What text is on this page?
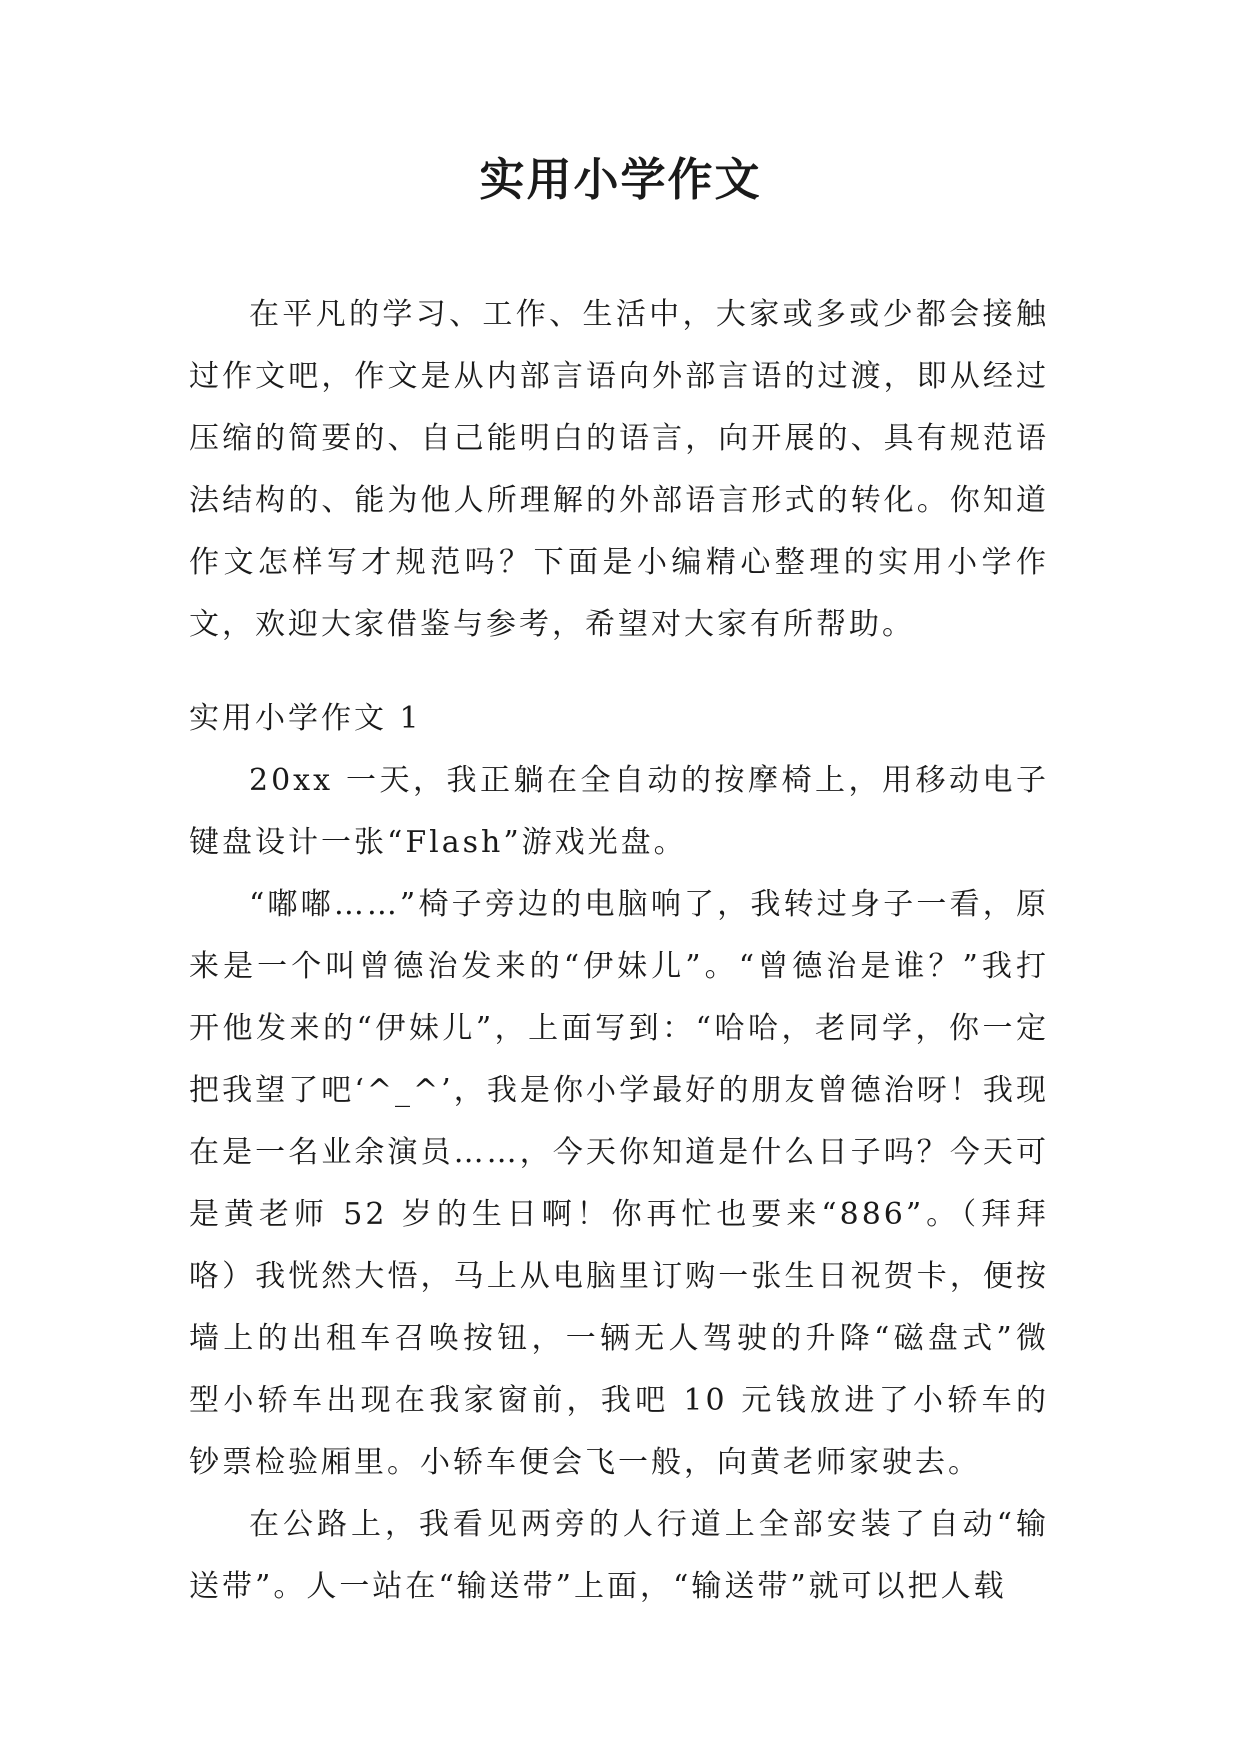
实用小学作文

在平凡的学习、工作、生活中，大家或多或少都会接触过作文吧，作文是从内部言语向外部言语的过渡，即从经过压缩的简要的、自己能明白的语言，向开展的、具有规范语法结构的、能为他人所理解的外部语言形式的转化。你知道作文怎样写才规范吗？下面是小编精心整理的实用小学作文，欢迎大家借鉴与参考，希望对大家有所帮助。

实用小学作文 1

20xx 一天，我正躺在全自动的按摩椅上，用移动电子键盘设计一张“Flash”游戏光盘。

“嘟嘟……”椅子旁边的电脑响了，我转过身子一看，原来是一个叫曾德治发来的“伊妹儿”。“曾德治是谁？”我打开他发来的“伊妹儿”，上面写到：“哈哈，老同学，你一定把我望了吧‘^_^’，我是你小学最好的朋友曾德治呀！我现在是一名业余演员……，今天你知道是什么日子吗？今天可是黄老师 52 岁的生日啊！你再忙也要来“886”。（拜拜咯）我恍然大悟，马上从电脑里订购一张生日祝贺卡，便按墙上的出租车召唤按钮，一辆无人驾驶的升降“磁盘式”微型小轿车出现在我家窗前，我吧 10 元钱放进了小轿车的钞票检验厢里。小轿车便会飞一般，向黄老师家驶去。

在公路上，我看见两旁的人行道上全部安装了自动“输送带”。人一站在“输送带”上面，“输送带”就可以把人载
